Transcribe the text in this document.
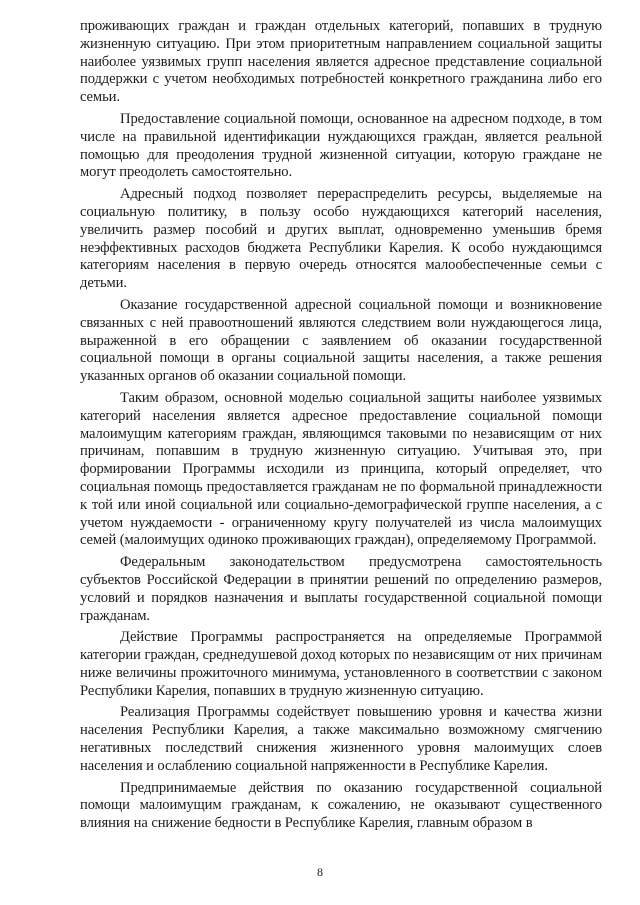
проживающих граждан и граждан отдельных категорий, попавших в трудную жизненную ситуацию. При этом приоритетным направлением социальной защиты наиболее уязвимых групп населения является адресное представление социальной поддержки с учетом необходимых потребностей конкретного гражданина либо его семьи.

Предоставление социальной помощи, основанное на адресном подходе, в том числе на правильной идентификации нуждающихся граждан, является реальной помощью для преодоления трудной жизненной ситуации, которую граждане не могут преодолеть самостоятельно.

Адресный подход позволяет перераспределить ресурсы, выделяемые на социальную политику, в пользу особо нуждающихся категорий населения, увеличить размер пособий и других выплат, одновременно уменьшив бремя неэффективных расходов бюджета Республики Карелия. К особо нуждающимся категориям населения в первую очередь относятся малообеспеченные семьи с детьми.

Оказание государственной адресной социальной помощи и возникновение связанных с ней правоотношений являются следствием воли нуждающегося лица, выраженной в его обращении с заявлением об оказании государственной социальной помощи в органы социальной защиты населения, а также решения указанных органов об оказании социальной помощи.

Таким образом, основной моделью социальной защиты наиболее уязвимых категорий населения является адресное предоставление социальной помощи малоимущим категориям граждан, являющимся таковыми по независящим от них причинам, попавшим в трудную жизненную ситуацию. Учитывая это, при формировании Программы исходили из принципа, который определяет, что социальная помощь предоставляется гражданам не по формальной принадлежности к той или иной социальной или социально-демографической группе населения, а с учетом нуждаемости - ограниченному кругу получателей из числа малоимущих семей (малоимущих одиноко проживающих граждан), определяемому Программой.

Федеральным законодательством предусмотрена самостоятельность субъектов Российской Федерации в принятии решений по определению размеров, условий и порядков назначения и выплаты государственной социальной помощи гражданам.

Действие Программы распространяется на определяемые Программой категории граждан, среднедушевой доход которых по независящим от них причинам ниже величины прожиточного минимума, установленного в соответствии с законом Республики Карелия, попавших в трудную жизненную ситуацию.

Реализация Программы содействует повышению уровня и качества жизни населения Республики Карелия, а также максимально возможному смягчению негативных последствий снижения жизненного уровня малоимущих слоев населения и ослаблению социальной напряженности в Республике Карелия.

Предпринимаемые действия по оказанию государственной социальной помощи малоимущим гражданам, к сожалению, не оказывают существенного влияния на снижение бедности в Республике Карелия, главным образом в

8
